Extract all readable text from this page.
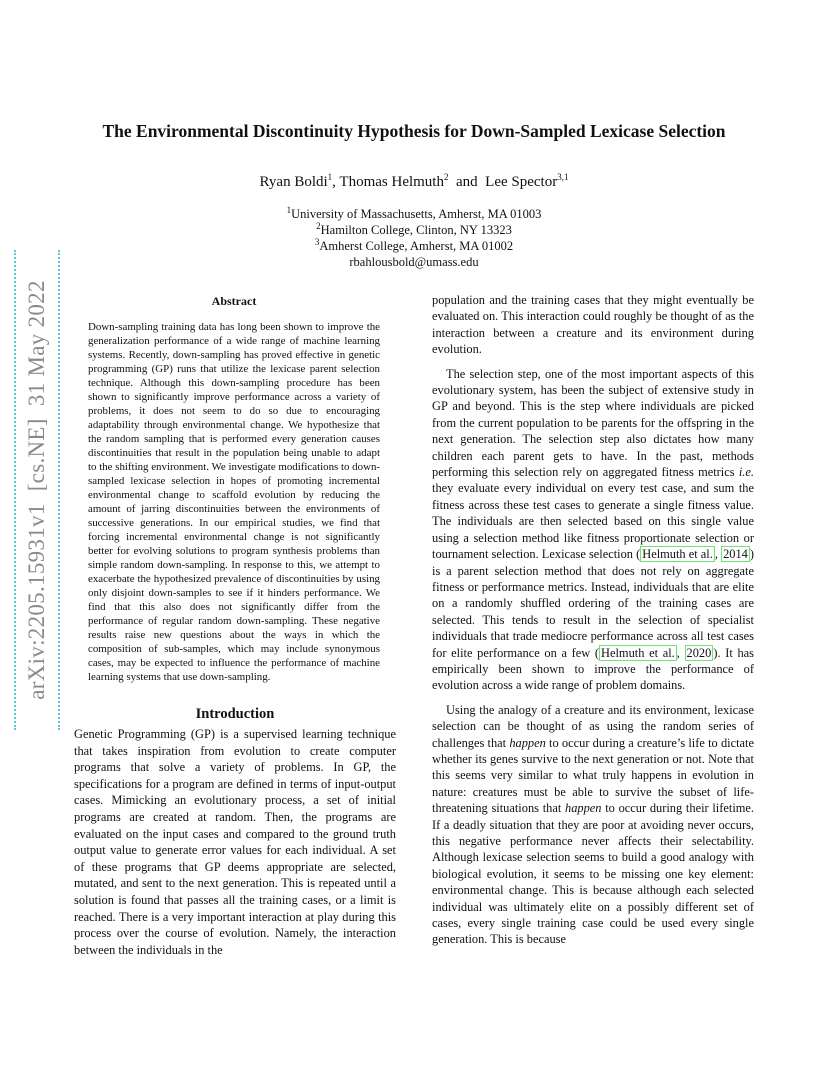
The Environmental Discontinuity Hypothesis for Down-Sampled Lexicase Selection
Ryan Boldi$^1$, Thomas Helmuth$^2$  and  Lee Spector$^{3,1}$
$^1$University of Massachusetts, Amherst, MA 01003
$^2$Hamilton College, Clinton, NY 13323
$^3$Amherst College, Amherst, MA 01002
rbahlousbold@umass.edu
arXiv:2205.15931v1  [cs.NE]  31 May 2022	Abstract
Down-sampling training data has long been shown to improve the generalization performance of a wide range of machine learning systems. Recently, down-sampling has proved effective in genetic programming (GP) runs that utilize the lexicase parent selection technique. Although this down-sampling procedure has been shown to significantly improve performance across a variety of problems, it does not seem to do so due to encouraging adaptability through environmental change. We hypothesize that the random sampling that is performed every generation causes discontinuities that result in the population being unable to adapt to the shifting environment. We investigate modifications to down-sampled lexicase selection in hopes of promoting incremental environmental change to scaffold evolution by reducing the amount of jarring discontinuities between the environments of successive generations. In our empirical studies, we find that forcing incremental environmental change is not significantly better for evolving solutions to program synthesis problems than simple random down-sampling. In response to this, we attempt to exacerbate the hypothesized prevalence of discontinuities by using only disjoint down-samples to see if it hinders performance. We find that this also does not significantly differ from the performance of regular random down-sampling. These negative results raise new questions about the ways in which the composition of sub-samples, which may include synonymous cases, may be expected to influence the performance of machine learning systems that use down-sampling.
Introduction
Genetic Programming (GP) is a supervised learning technique that takes inspiration from evolution to create computer programs that solve a variety of problems. In GP, the specifications for a program are defined in terms of input-output cases. Mimicking an evolutionary process, a set of initial programs are created at random. Then, the programs are evaluated on the input cases and compared to the ground truth output value to generate error values for each individual. A set of these programs that GP deems appropriate are selected, mutated, and sent to the next generation. This is repeated until a solution is found that passes all the training cases, or a limit is reached. There is a very important interaction at play during this process over the course of evolution. Namely, the interaction between the individuals in the

population and the training cases that they might eventually be evaluated on. This interaction could roughly be thought of as the interaction between a creature and its environment during evolution.

The selection step, one of the most important aspects of this evolutionary system, has been the subject of extensive study in GP and beyond. This is the step where individuals are picked from the current population to be parents for the offspring in the next generation. The selection step also dictates how many children each parent gets to have. In the past, methods performing this selection rely on aggregated fitness metrics i.e. they evaluate every individual on every test case, and sum the fitness across these test cases to generate a single fitness value. The individuals are then selected based on this single value using a selection method like fitness proportionate selection or tournament selection. Lexicase selection ( Helmuth et al. , 2014 ) is a parent selection method that does not rely on aggregate fitness or performance metrics. Instead, individuals that are elite on a randomly shuffled ordering of the training cases are selected. This tends to result in the selection of specialist individuals that trade mediocre performance across all test cases for elite performance on a few ( Helmuth et al. , 2020 ). It has empirically been shown to improve the performance of evolution across a wide range of problem domains.

Using the analogy of a creature and its environment, lexicase selection can be thought of as using the random series of challenges that happen to occur during a creature’s life to dictate whether its genes survive to the next generation or not. Note that this seems very similar to what truly happens in evolution in nature: creatures must be able to survive the subset of life-threatening situations that happen to occur during their lifetime. If a deadly situation that they are poor at avoiding never occurs, this negative performance never affects their selectability. Although lexicase selection seems to build a good analogy with biological evolution, it seems to be missing one key element: environmental change. This is because although each selected individual was ultimately elite on a possibly different set of cases, every single training case could be used every single generation. This is because
